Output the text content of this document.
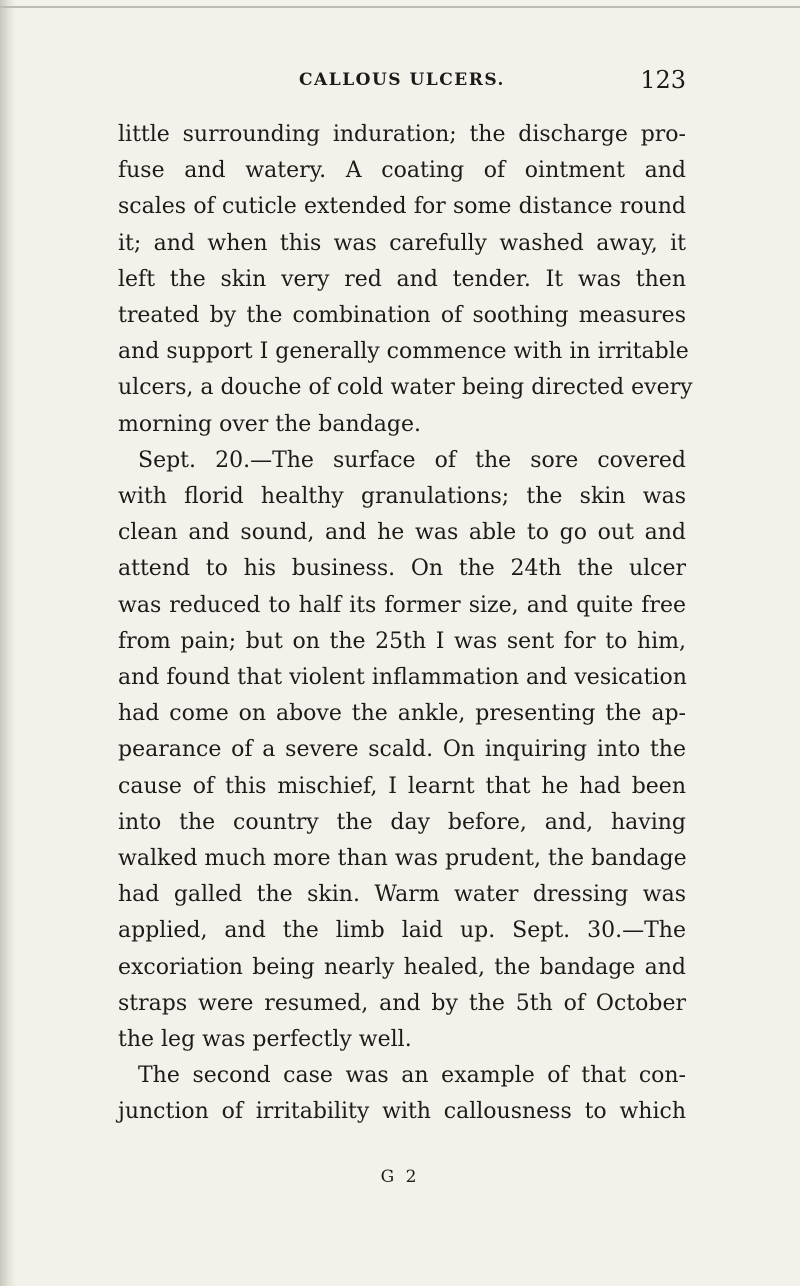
CALLOUS ULCERS.	123
little surrounding induration; the discharge pro-
fuse and watery. A coating of ointment and
scales of cuticle extended for some distance round
it; and when this was carefully washed away, it
left the skin very red and tender. It was then
treated by the combination of soothing measures
and support I generally commence with in irritable
ulcers, a douche of cold water being directed every
morning over the bandage.
Sept. 20.—The surface of the sore covered
with florid healthy granulations; the skin was
clean and sound, and he was able to go out and
attend to his business. On the 24th the ulcer
was reduced to half its former size, and quite free
from pain; but on the 25th I was sent for to him,
and found that violent inflammation and vesication
had come on above the ankle, presenting the ap-
pearance of a severe scald. On inquiring into the
cause of this mischief, I learnt that he had been
into the country the day before, and, having
walked much more than was prudent, the bandage
had galled the skin. Warm water dressing was
applied, and the limb laid up. Sept. 30.—The
excoriation being nearly healed, the bandage and
straps were resumed, and by the 5th of October
the leg was perfectly well.
The second case was an example of that con-
junction of irritability with callousness to which
G 2
